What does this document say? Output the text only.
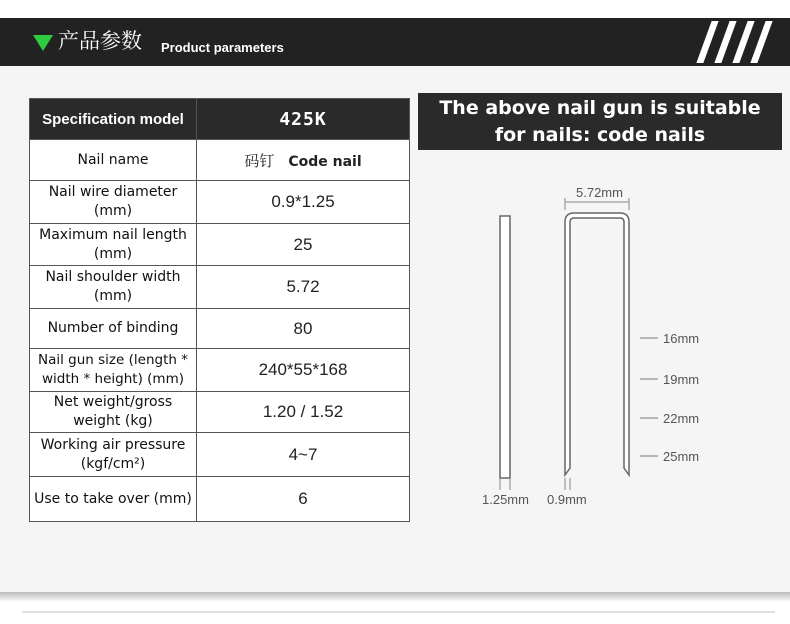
产品参数 Product parameters
Specification model	425K
Nail name	码钉 Code nail
Nail wire diameter (mm)	0.9*1.25
Maximum nail length (mm)	25
Nail shoulder width (mm)	5.72
Number of binding	80
Nail gun size (length * width * height) (mm)	240*55*168
Net weight/gross weight (kg)	1.20 / 1.52
Working air pressure (kgf/cm²)	4~7
Use to take over (mm)	6
The above nail gun is suitable
for nails: code nails
1.25mm
5.72mm
0.9mm
16mm
19mm
22mm
25mm
